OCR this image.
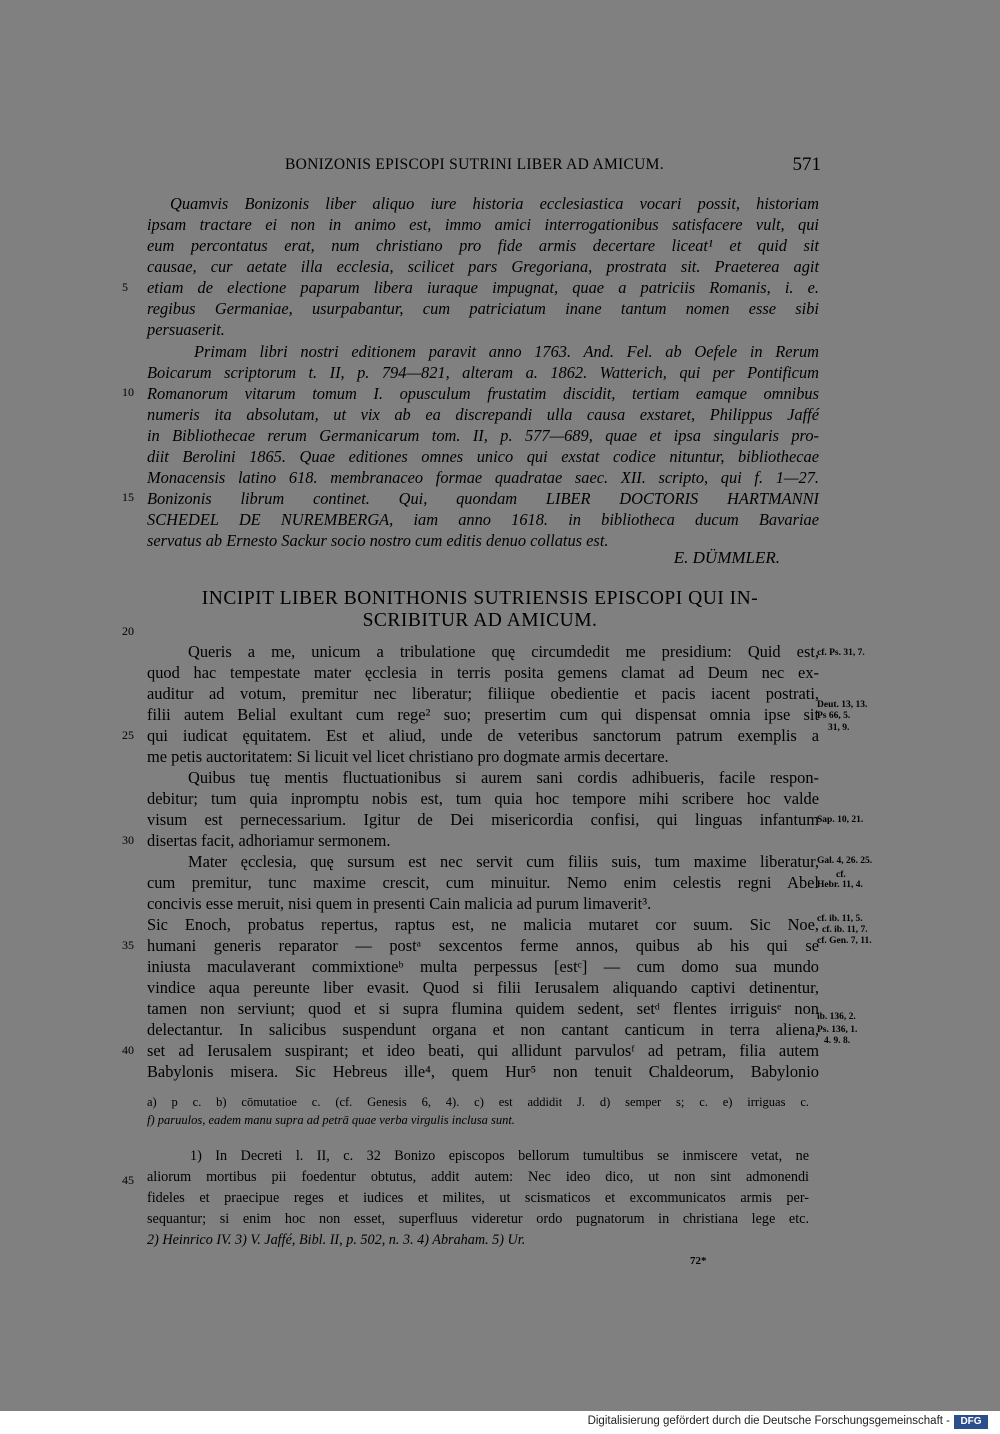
BONIZONIS EPISCOPI SUTRINI LIBER AD AMICUM.	571
Quamvis Bonizonis liber aliquo iure historia ecclesiastica vocari possit, historiam
ipsam tractare ei non in animo est, immo amici interrogationibus satisfacere vult, qui
eum percontatus erat, num christiano pro fide armis decertare liceat¹ et quid sit
causae, cur aetate illa ecclesia, scilicet pars Gregoriana, prostrata sit. Praeterea agit
etiam de electione paparum libera iuraque impugnat, quae a patriciis Romanis, i. e.
regibus Germaniae, usurpabantur, cum patriciatum inane tantum nomen esse sibi
persuaserit.
Primam libri nostri editionem paravit anno 1763. And. Fel. ab Oefele in Rerum
Boicarum scriptorum t. II, p. 794—821, alteram a. 1862. Watterich, qui per Pontificum
Romanorum vitarum tomum I. opusculum frustatim discidit, tertiam eamque omnibus
numeris ita absolutam, ut vix ab ea discrepandi ulla causa exstaret, Philippus Jaffé
in Bibliothecae rerum Germanicarum tom. II, p. 577—689, quae et ipsa singularis pro-
diit Berolini 1865. Quae editiones omnes unico qui exstat codice nituntur, bibliothecae
Monacensis latino 618. membranaceo formae quadratae saec. XII. scripto, qui f. 1—27.
Bonizonis librum continet. Qui, quondam LIBER DOCTORIS HARTMANNI
SCHEDEL DE NUREMBERGA, iam anno 1618. in bibliotheca ducum Bavariae
servatus ab Ernesto Sackur socio nostro cum editis denuo collatus est.
E. DÜMMLER.
INCIPIT LIBER BONITHONIS SUTRIENSIS EPISCOPI QUI IN-
SCRIBITUR AD AMICUM.
Queris a me, unicum a tribulatione quę circumdedit me presidium: Quid est,
quod hac tempestate mater ęcclesia in terris posita gemens clamat ad Deum nec ex-
auditur ad votum, premitur nec liberatur; filiique obedientie et pacis iacent postrati,
filii autem Belial exultant cum rege² suo; presertim cum qui dispensat omnia ipse sit
qui iudicat ęquitatem. Est et aliud, unde de veteribus sanctorum patrum exemplis a
me petis auctoritatem: Si licuit vel licet christiano pro dogmate armis decertare.
Quibus tuę mentis fluctuationibus si aurem sani cordis adhibueris, facile respon-
debitur; tum quia inpromptu nobis est, tum quia hoc tempore mihi scribere hoc valde
visum est pernecessarium. Igitur de Dei misericordia confisi, qui linguas infantum
disertas facit, adhoriamur sermonem.
Mater ęcclesia, quę sursum est nec servit cum filiis suis, tum maxime liberatur,
cum premitur, tunc maxime crescit, cum minuitur. Nemo enim celestis regni Abel
concivis esse meruit, nisi quem in presenti Cain malicia ad purum limaverit³.
Sic Enoch, probatus repertus, raptus est, ne malicia mutaret cor suum. Sic Noe,
humani generis reparator — postᵃ sexcentos ferme annos, quibus ab his qui se
iniusta maculaverant commixtioneᵇ multa perpessus [estᶜ] — cum domo sua mundo
vindice aqua pereunte liber evasit. Quod si filii Ierusalem aliquando captivi detinentur,
tamen non serviunt; quod et si supra flumina quidem sedent, setᵈ flentes irriguisᵉ non
delectantur. In salicibus suspendunt organa et non cantant canticum in terra aliena,
set ad Ierusalem suspirant; et ideo beati, qui allidunt parvulosᶠ ad petram, filia autem
Babylonis misera. Sic Hebreus ille⁴, quem Hur⁵ non tenuit Chaldeorum, Babylonio
5
10
15
20
25
30
35
40
45
cf. Ps. 31, 7.
Deut. 13, 13.
Ps 66, 5.
31, 9.
Sap. 10, 21.
Gal. 4, 26. 25.
cf.
Hebr. 11, 4.
cf. ib. 11, 5.
cf. ib. 11, 7.
cf. Gen. 7, 11.
Ps. 136, 1.
ib. 136, 2.
4. 9. 8.
a) p c. b) cōmutatioe c. (cf. Genesis 6, 4). c) est addidit J. d) semper s; c. e) irriguas c.
f) paruulos, eadem manu supra ad petrā quae verba virgulis inclusa sunt.
1) In Decreti l. II, c. 32 Bonizo episcopos bellorum tumultibus se inmiscere vetat, ne
aliorum mortibus pii foedentur obtutus, addit autem: Nec ideo dico, ut non sint admonendi
fideles et praecipue reges et iudices et milites, ut scismaticos et excommunicatos armis per-
sequantur; si enim hoc non esset, superfluus videretur ordo pugnatorum in christiana lege etc.
2) Heinrico IV. 3) V. Jaffé, Bibl. II, p. 502, n. 3. 4) Abraham. 5) Ur.
72*
Digitalisierung gefördert durch die Deutsche Forschungsgemeinschaft -	DFG
